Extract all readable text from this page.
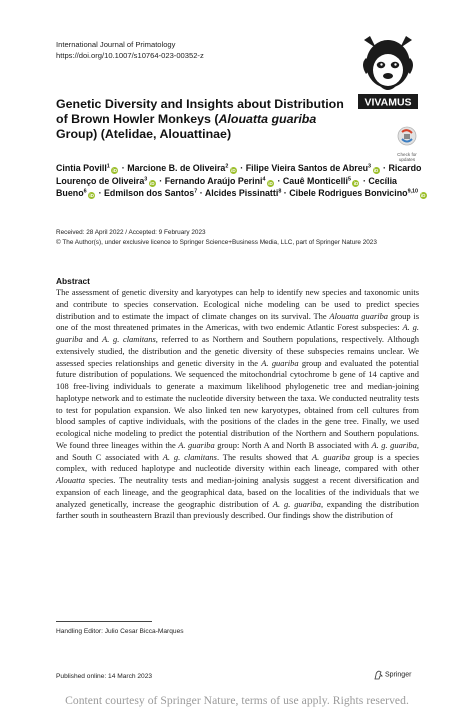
International Journal of Primatology
https://doi.org/10.1007/s10764-023-00352-z
VIVAMUS
Check for
updates
Genetic Diversity and Insights about Distribution of Brown Howler Monkeys (Alouatta guariba Group) (Atelidae, Alouattinae)
Cintia Povill$^1$iD · Marcione B. de Oliveira$^2$iD · Filipe Vieira Santos de Abreu$^3$iD · Ricardo Lourenço de Oliveira$^3$iD · Fernando Araújo Perini$^4$iD · Cauê Monticelli$^5$iD · Cecília Bueno$^6$iD · Edmilson dos Santos$^7$ · Alcides Pissinatti$^8$ · Cibele Rodrigues Bonvicino$^{9,10}$iD
Received: 28 April 2022 / Accepted: 9 February 2023
© The Author(s), under exclusive licence to Springer Science+Business Media, LLC, part of Springer Nature 2023
Abstract
The assessment of genetic diversity and karyotypes can help to identify new species and taxonomic units and contribute to species conservation. Ecological niche modeling can be used to predict species distribution and to estimate the impact of climate changes on its survival. The Alouatta guariba group is one of the most threatened primates in the Americas, with two endemic Atlantic Forest subspecies: A. g. guariba and A. g. clamitans, referred to as Northern and Southern populations, respectively. Although extensively studied, the distribution and the genetic diversity of these subspecies remains unclear. We assessed species relationships and genetic diversity in the A. guariba group and evaluated the potential future distribution of populations. We sequenced the mitochondrial cytochrome b gene of 14 captive and 108 free-living individuals to generate a maximum likelihood phylogenetic tree and median-joining haplotype network and to estimate the nucleotide diversity between the taxa. We conducted neutrality tests to test for population expansion. We also linked ten new karyotypes, obtained from cell cultures from blood samples of captive individuals, with the positions of the clades in the gene tree. Finally, we used ecological niche modeling to predict the potential distribution of the Northern and Southern populations. We found three lineages within the A. guariba group: North A and North B associated with A. g. guariba, and South C associated with A. g. clamitans. The results showed that A. guariba group is a species complex, with reduced haplotype and nucleotide diversity within each lineage, compared with other Alouatta species. The neutrality tests and median-joining analysis suggest a recent diversification and expansion of each lineage, and the geographical data, based on the localities of the individuals that we analyzed genetically, increase the geographic distribution of A. g. guariba, expanding the distribution farther south in southeastern Brazil than previously described. Our findings show the distribution of
Handling Editor: Julio Cesar Bicca-Marques
Published online: 14 March 2023	Springer
Content courtesy of Springer Nature, terms of use apply. Rights reserved.
